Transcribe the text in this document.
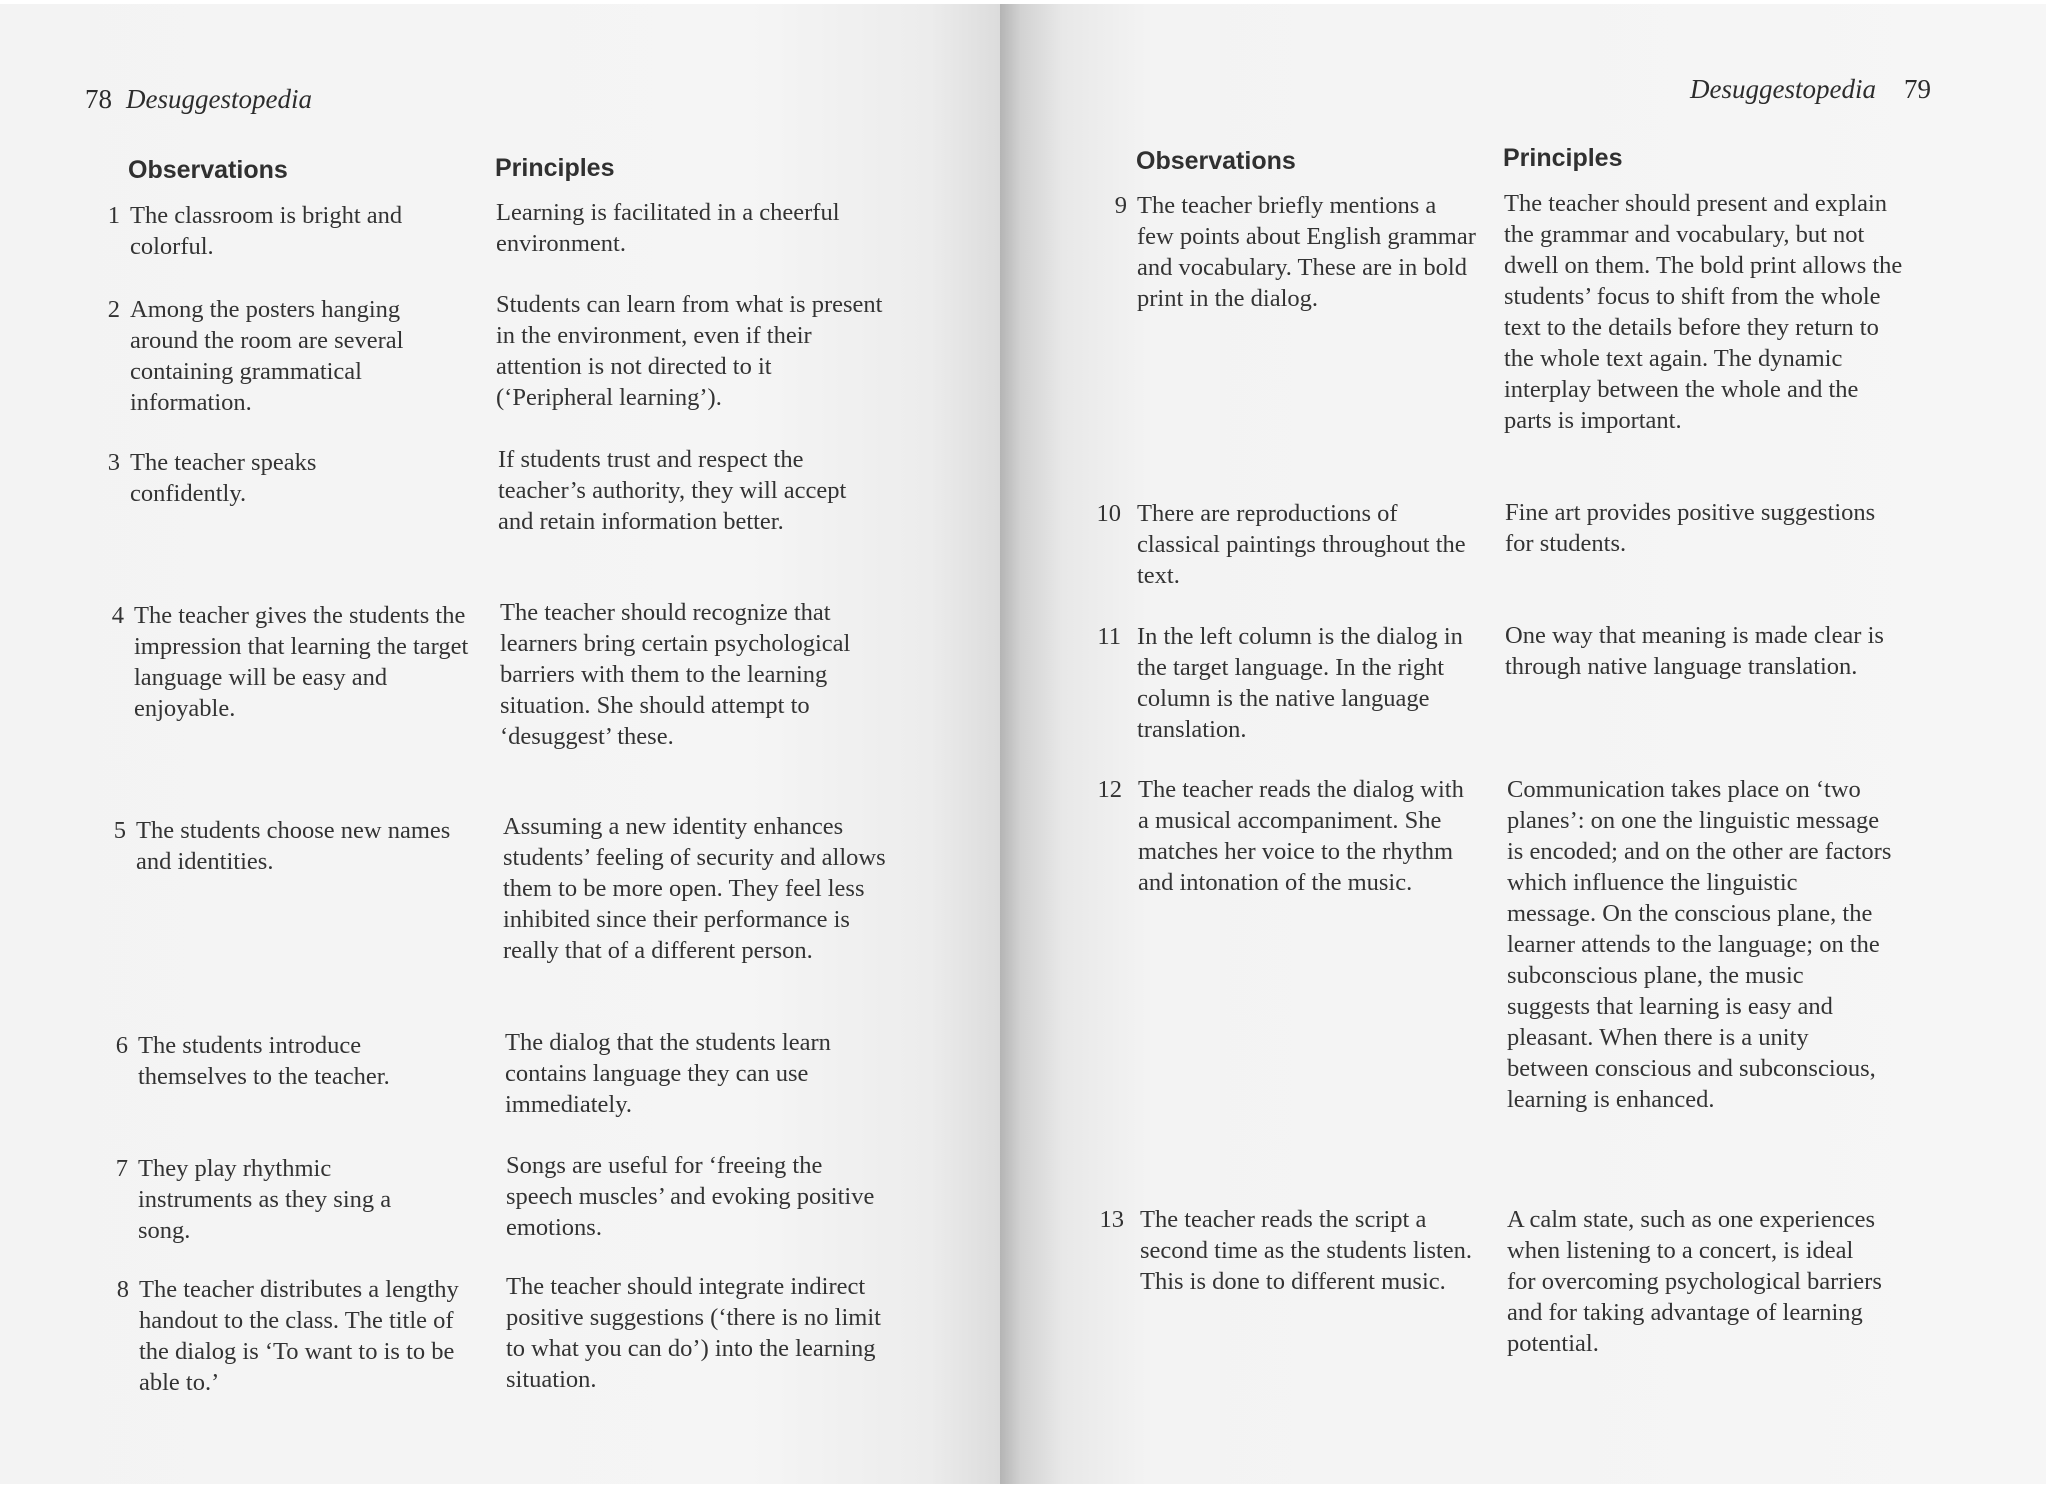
78 Desuggestopedia
Observations	Principles
1 The classroom is bright and colorful.
Learning is facilitated in a cheerful environment.
2 Among the posters hanging around the room are several containing grammatical information.
Students can learn from what is present in the environment, even if their attention is not directed to it (‘Peripheral learning’).
3 The teacher speaks confidently.
If students trust and respect the teacher’s authority, they will accept and retain information better.
4 The teacher gives the students the impression that learning the target language will be easy and enjoyable.
The teacher should recognize that learners bring certain psychological barriers with them to the learning situation. She should attempt to ‘desuggest’ these.
5 The students choose new names and identities.
Assuming a new identity enhances students’ feeling of security and allows them to be more open. They feel less inhibited since their performance is really that of a different person.
6 The students introduce themselves to the teacher.
The dialog that the students learn contains language they can use immediately.
7 They play rhythmic instruments as they sing a song.
Songs are useful for ‘freeing the speech muscles’ and evoking positive emotions.
8 The teacher distributes a lengthy handout to the class. The title of the dialog is ‘To want to is to be able to.’
The teacher should integrate indirect positive suggestions (‘there is no limit to what you can do’) into the learning situation.
Desuggestopedia 79
Observations	Principles
9 The teacher briefly mentions a few points about English grammar and vocabulary. These are in bold print in the dialog.
The teacher should present and explain the grammar and vocabulary, but not dwell on them. The bold print allows the students’ focus to shift from the whole text to the details before they return to the whole text again. The dynamic interplay between the whole and the parts is important.
10 There are reproductions of classical paintings throughout the text.
Fine art provides positive suggestions for students.
11 In the left column is the dialog in the target language. In the right column is the native language translation.
One way that meaning is made clear is through native language translation.
12 The teacher reads the dialog with a musical accompaniment. She matches her voice to the rhythm and intonation of the music.
Communication takes place on ‘two planes’: on one the linguistic message is encoded; and on the other are factors which influence the linguistic message. On the conscious plane, the learner attends to the language; on the subconscious plane, the music suggests that learning is easy and pleasant. When there is a unity between conscious and subconscious, learning is enhanced.
13 The teacher reads the script a second time as the students listen. This is done to different music.
A calm state, such as one experiences when listening to a concert, is ideal for overcoming psychological barriers and for taking advantage of learning potential.
